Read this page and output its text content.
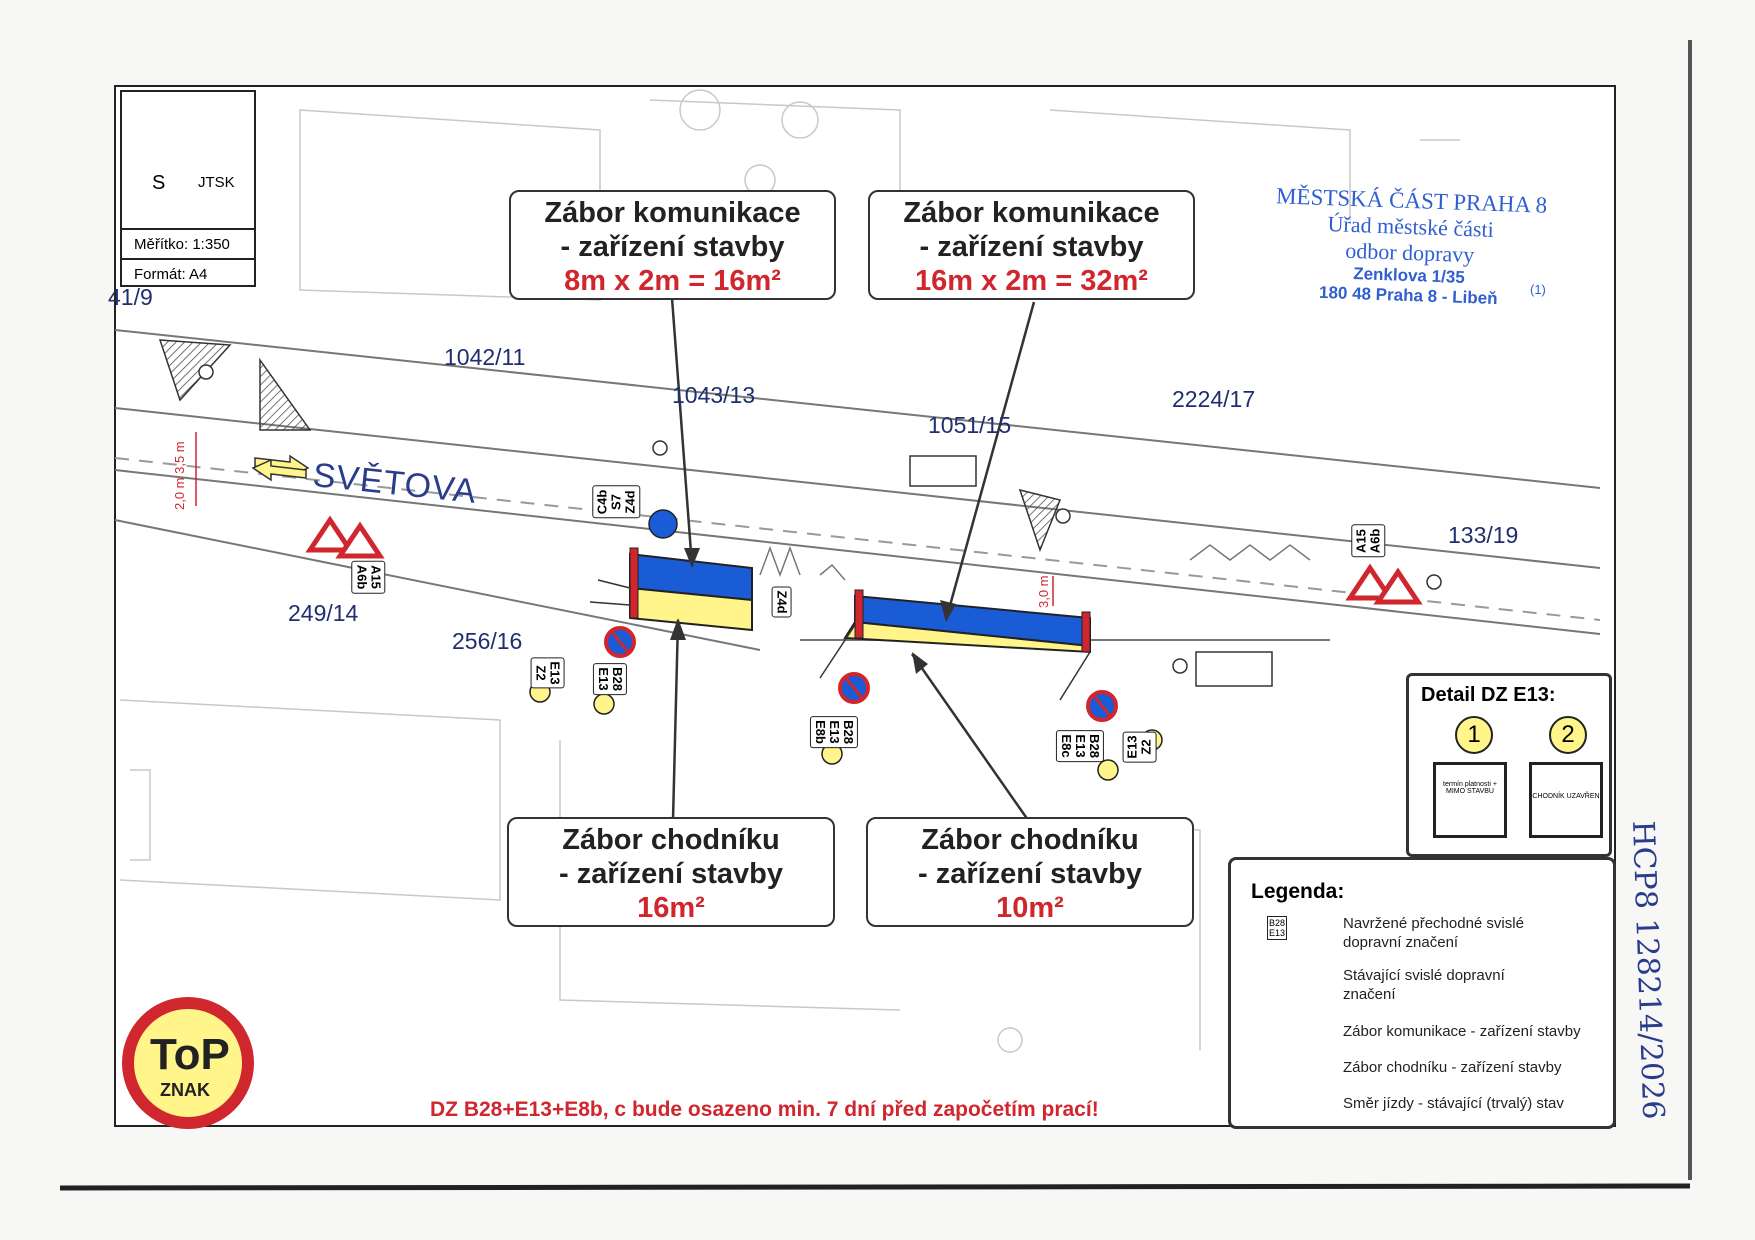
S JTSK
Měřítko: 1:350
Formát: A4
41/9
1042/11
1043/13
1051/15
2224/17
133/19
249/14
256/16
SVĚTOVA
Zábor komunikace
- zařízení stavby
8m x 2m = 16m²
Zábor komunikace
- zařízení stavby
16m x 2m = 32m²
Zábor chodníku
- zařízení stavby
16m²
Zábor chodníku
- zařízení stavby
10m²
MĚSTSKÁ ČÁST PRAHA 8
Úřad městské části
odbor dopravy
Zenklova 1/35
180 48 Praha 8 - Libeň	(1)
2,0 m 3,5 m
3,0 m
A15
A6b
A15
A6b
C4b
S7
Z4d
Z4d
E13
Z2	B28
E13
B28
E13
E8b
B28
E13
E8c	E13
Z2
Detail DZ E13:
1	2
termín platnosti + MIMO STAVBU
CHODNÍK UZAVŘEN
Legenda:
B28
E13
Navržené přechodné svislé dopravní značení
Stávající svislé dopravní značení
Zábor komunikace - zařízení stavby
Zábor chodníku - zařízení stavby
Směr jízdy - stávající (trvalý) stav
DZ B28+E13+E8b, c bude osazeno min. 7 dní před započetím prací!
ToP
ZNAK	HCP8 128214/2026
